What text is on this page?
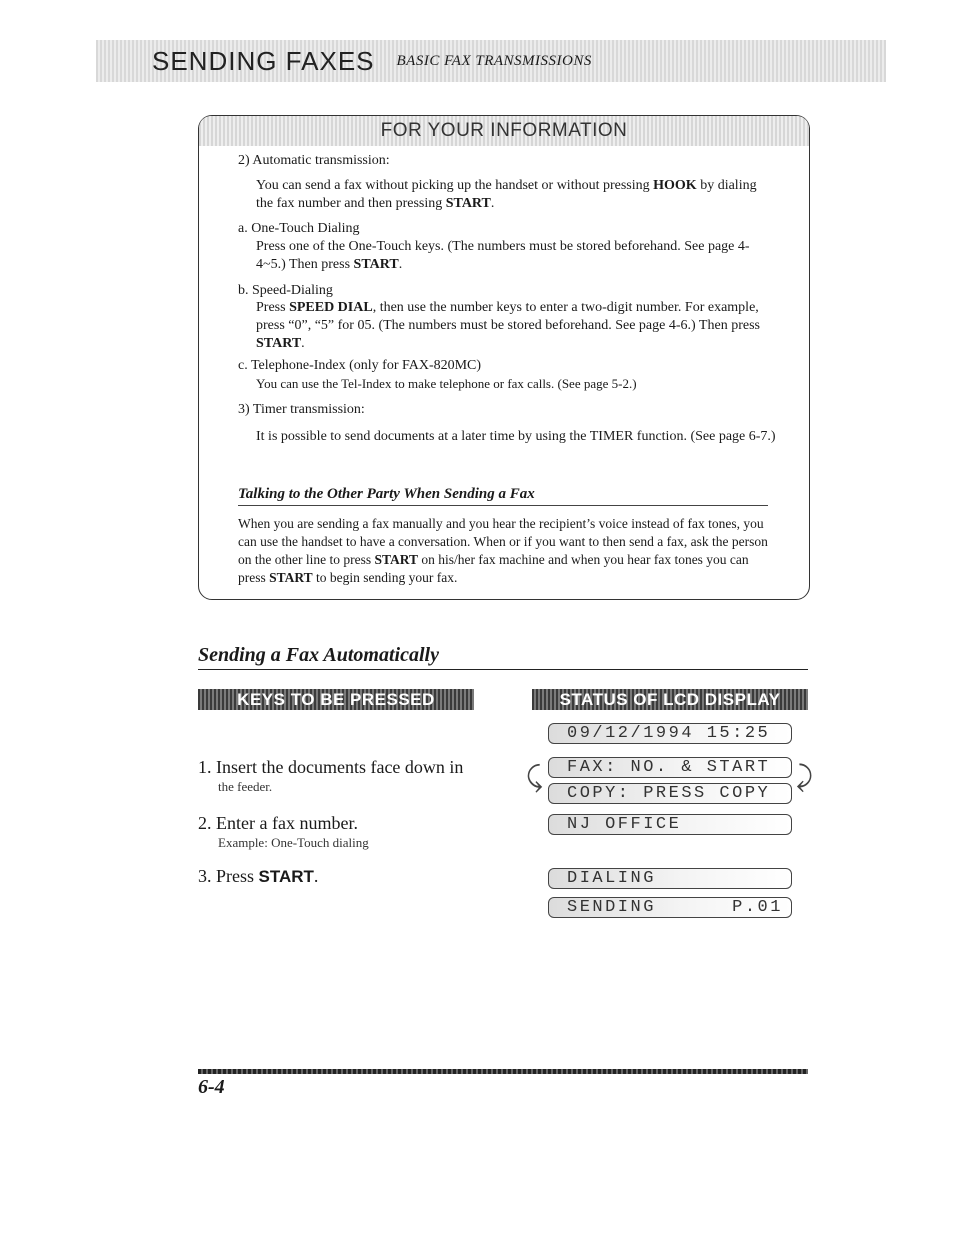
SENDING FAXES BASIC FAX TRANSMISSIONS
FOR YOUR INFORMATION
2) Automatic transmission:
You can send a fax without picking up the handset or without pressing HOOK by dialing the fax number and then pressing START.
a. One-Touch Dialing
Press one of the One-Touch keys. (The numbers must be stored beforehand. See page 4-4~5.) Then press START.
b. Speed-Dialing
Press SPEED DIAL, then use the number keys to enter a two-digit number. For example, press “0”, “5” for 05. (The numbers must be stored beforehand. See page 4-6.) Then press START.
c. Telephone-Index (only for FAX-820MC)
You can use the Tel-Index to make telephone or fax calls. (See page 5-2.)
3) Timer transmission:
It is possible to send documents at a later time by using the TIMER function. (See page 6-7.)
Talking to the Other Party When Sending a Fax
When you are sending a fax manually and you hear the recipient’s voice instead of fax tones, you can use the handset to have a conversation. When or if you want to then send a fax, ask the person on the other line to press START on his/her fax machine and when you hear fax tones you can press START to begin sending your fax.
Sending a Fax Automatically
KEYS TO BE PRESSED	STATUS OF LCD DISPLAY
1. Insert the documents face down in
the feeder.
2. Enter a fax number.
Example: One-Touch dialing
3. Press START.
09/12/1994 15:25
FAX: NO. & START
COPY: PRESS COPY
⤹	⤸
NJ OFFICE
DIALING
SENDING      P.01
6-4
